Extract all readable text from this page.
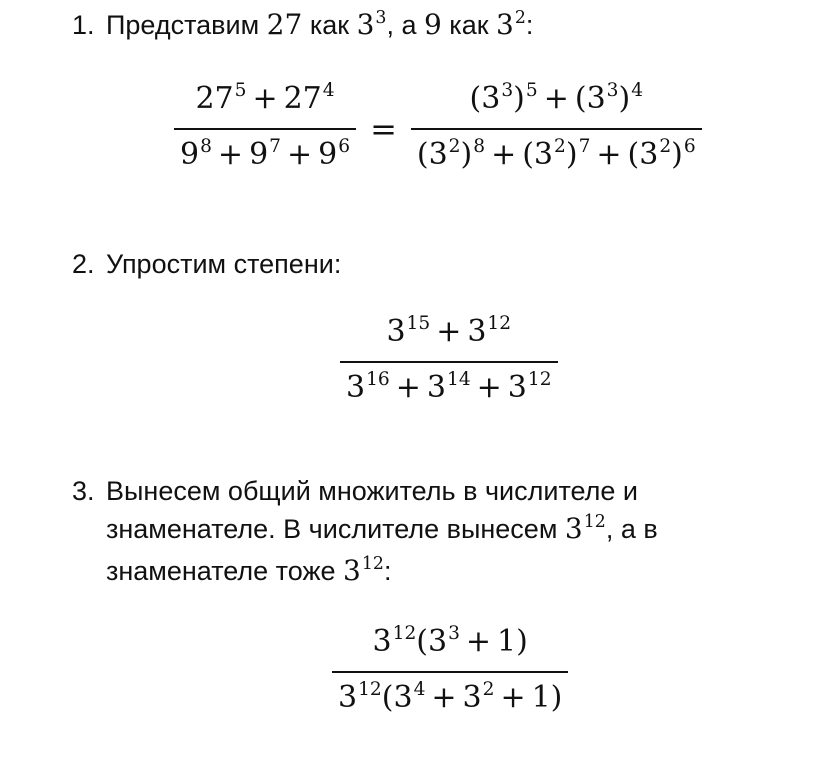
1. Представим 27 как $3^3$, а 9 как $3^2$:
$\frac{27^5 + 27^4}{9^8 + 9^7 + 9^6} = \frac{(3^3)^5 + (3^3)^4}{(3^2)^8 + (3^2)^7 + (3^2)^6}$
2. Упростим степени:
$\frac{3^{15} + 3^{12}}{3^{16} + 3^{14} + 3^{12}}$
3. Вынесем общий множитель в числителе и
знаменателе. В числителе вынесем $3^{12}$, а в
знаменателе тоже $3^{12}$:
$\frac{3^{12}(3^3 + 1)}{3^{12}(3^4 + 3^2 + 1)}$
